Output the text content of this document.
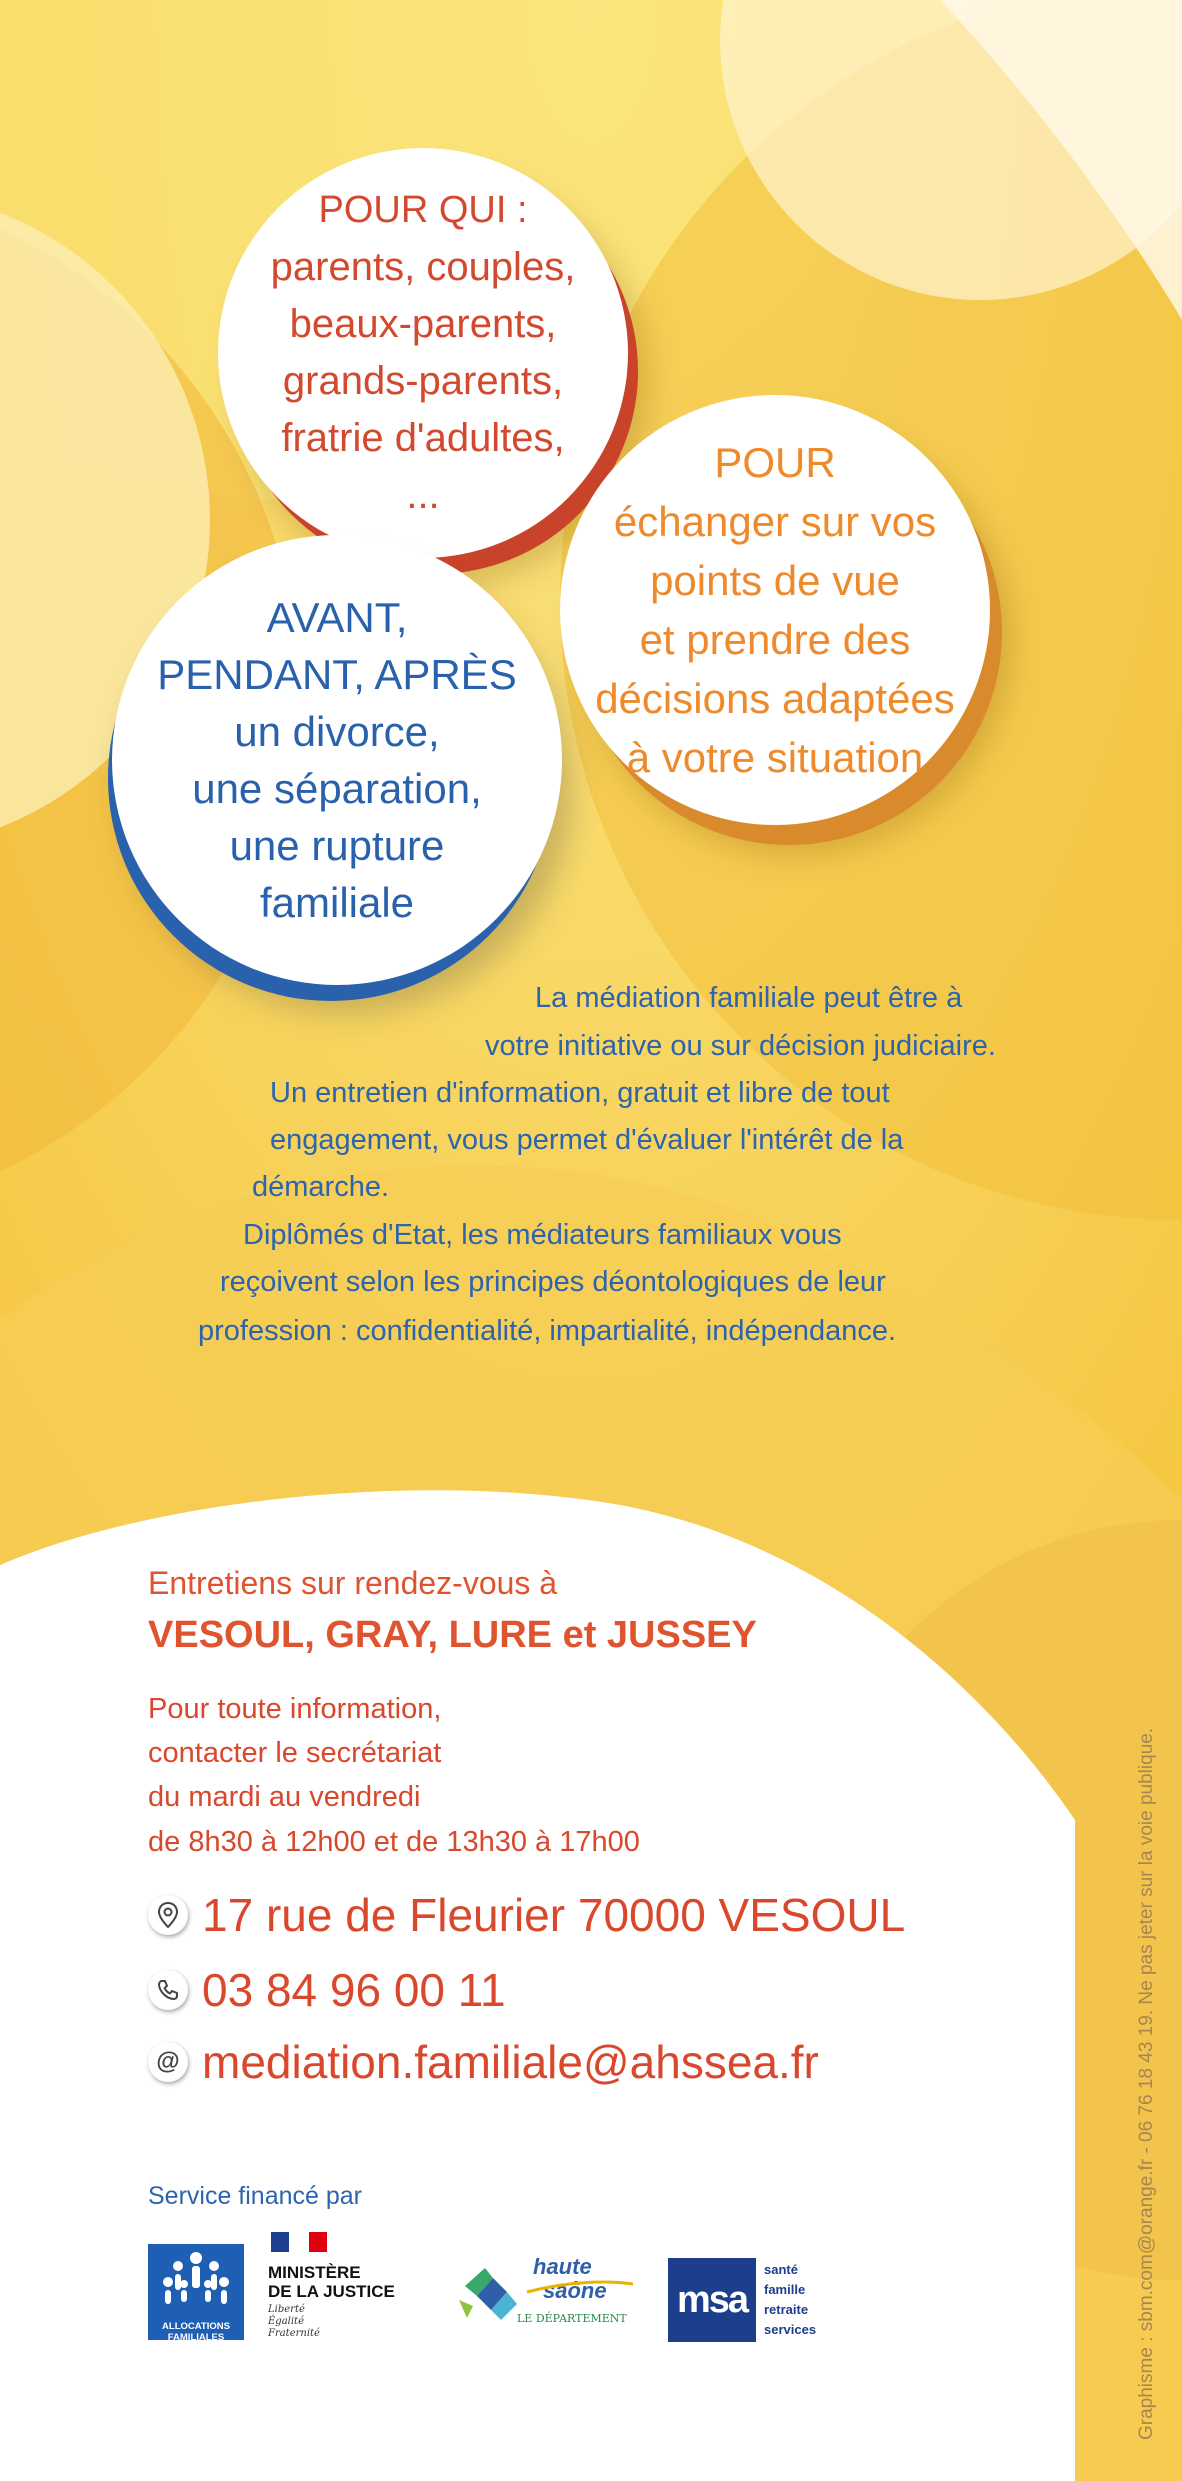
POUR QUI :
parents, couples,
beaux-parents,
grands-parents,
fratrie d'adultes,
...
POUR
échanger sur vos
points de vue
et prendre des
décisions adaptées
à votre situation
AVANT,
PENDANT, APRÈS
un divorce,
une séparation,
une rupture
familiale
La médiation familiale peut être à
votre initiative ou sur décision judiciaire.
Un entretien d'information, gratuit et libre de tout
engagement, vous permet d'évaluer l'intérêt de la
démarche.
Diplômés d'Etat, les médiateurs familiaux vous
reçoivent selon les principes déontologiques de leur
profession : confidentialité, impartialité, indépendance.
Entretiens sur rendez-vous à
VESOUL, GRAY, LURE et JUSSEY
Pour toute information,
contacter le secrétariat
du mardi au vendredi
de 8h30 à 12h00 et de 13h30 à 17h00
17 rue de Fleurier 70000 VESOUL
03 84 96 00 11
@ mediation.familiale@ahssea.fr
Service financé par
ALLOCATIONS FAMILIALES
MINISTÈRE
DE LA JUSTICE
Liberté
Égalité
Fraternité
haute
saône
LE DÉPARTEMENT msa
santé
famille
retraite
services	Graphisme : sbm.com@orange.fr - 06 76 18 43 19. Ne pas jeter sur la voie publique.
